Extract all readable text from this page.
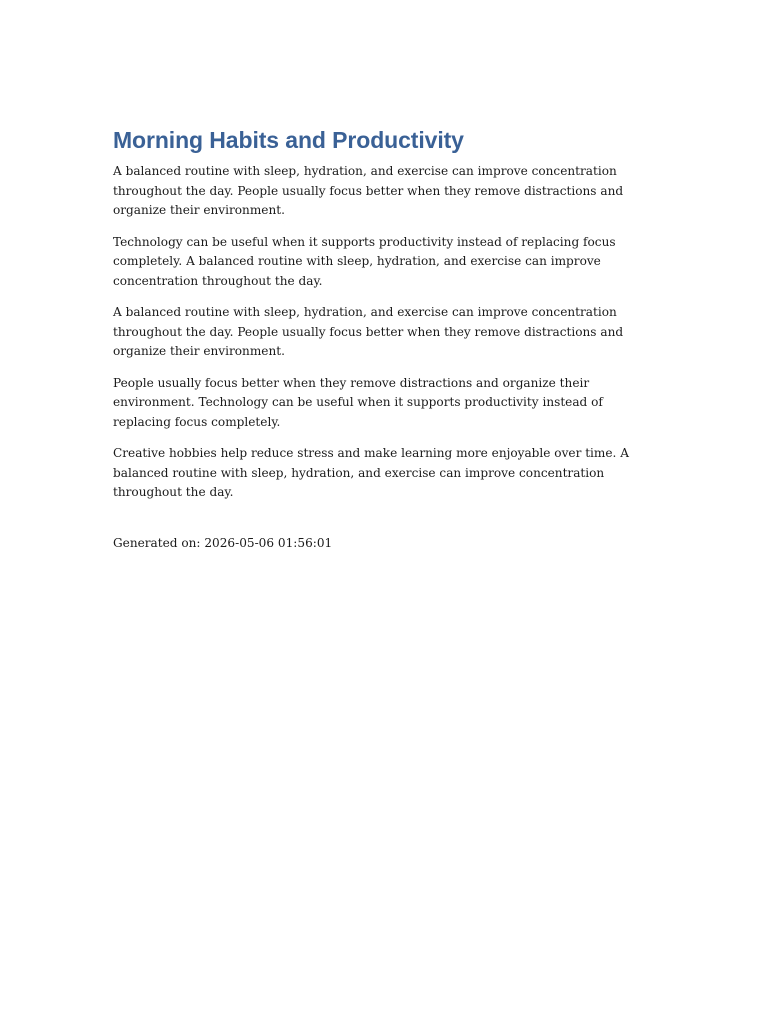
Morning Habits and Productivity

A balanced routine with sleep, hydration, and exercise can improve concentration throughout the day. People usually focus better when they remove distractions and organize their environment.

Technology can be useful when it supports productivity instead of replacing focus completely. A balanced routine with sleep, hydration, and exercise can improve concentration throughout the day.

A balanced routine with sleep, hydration, and exercise can improve concentration throughout the day. People usually focus better when they remove distractions and organize their environment.

People usually focus better when they remove distractions and organize their environment. Technology can be useful when it supports productivity instead of replacing focus completely.

Creative hobbies help reduce stress and make learning more enjoyable over time. A balanced routine with sleep, hydration, and exercise can improve concentration throughout the day.

Generated on: 2026-05-06 01:56:01
